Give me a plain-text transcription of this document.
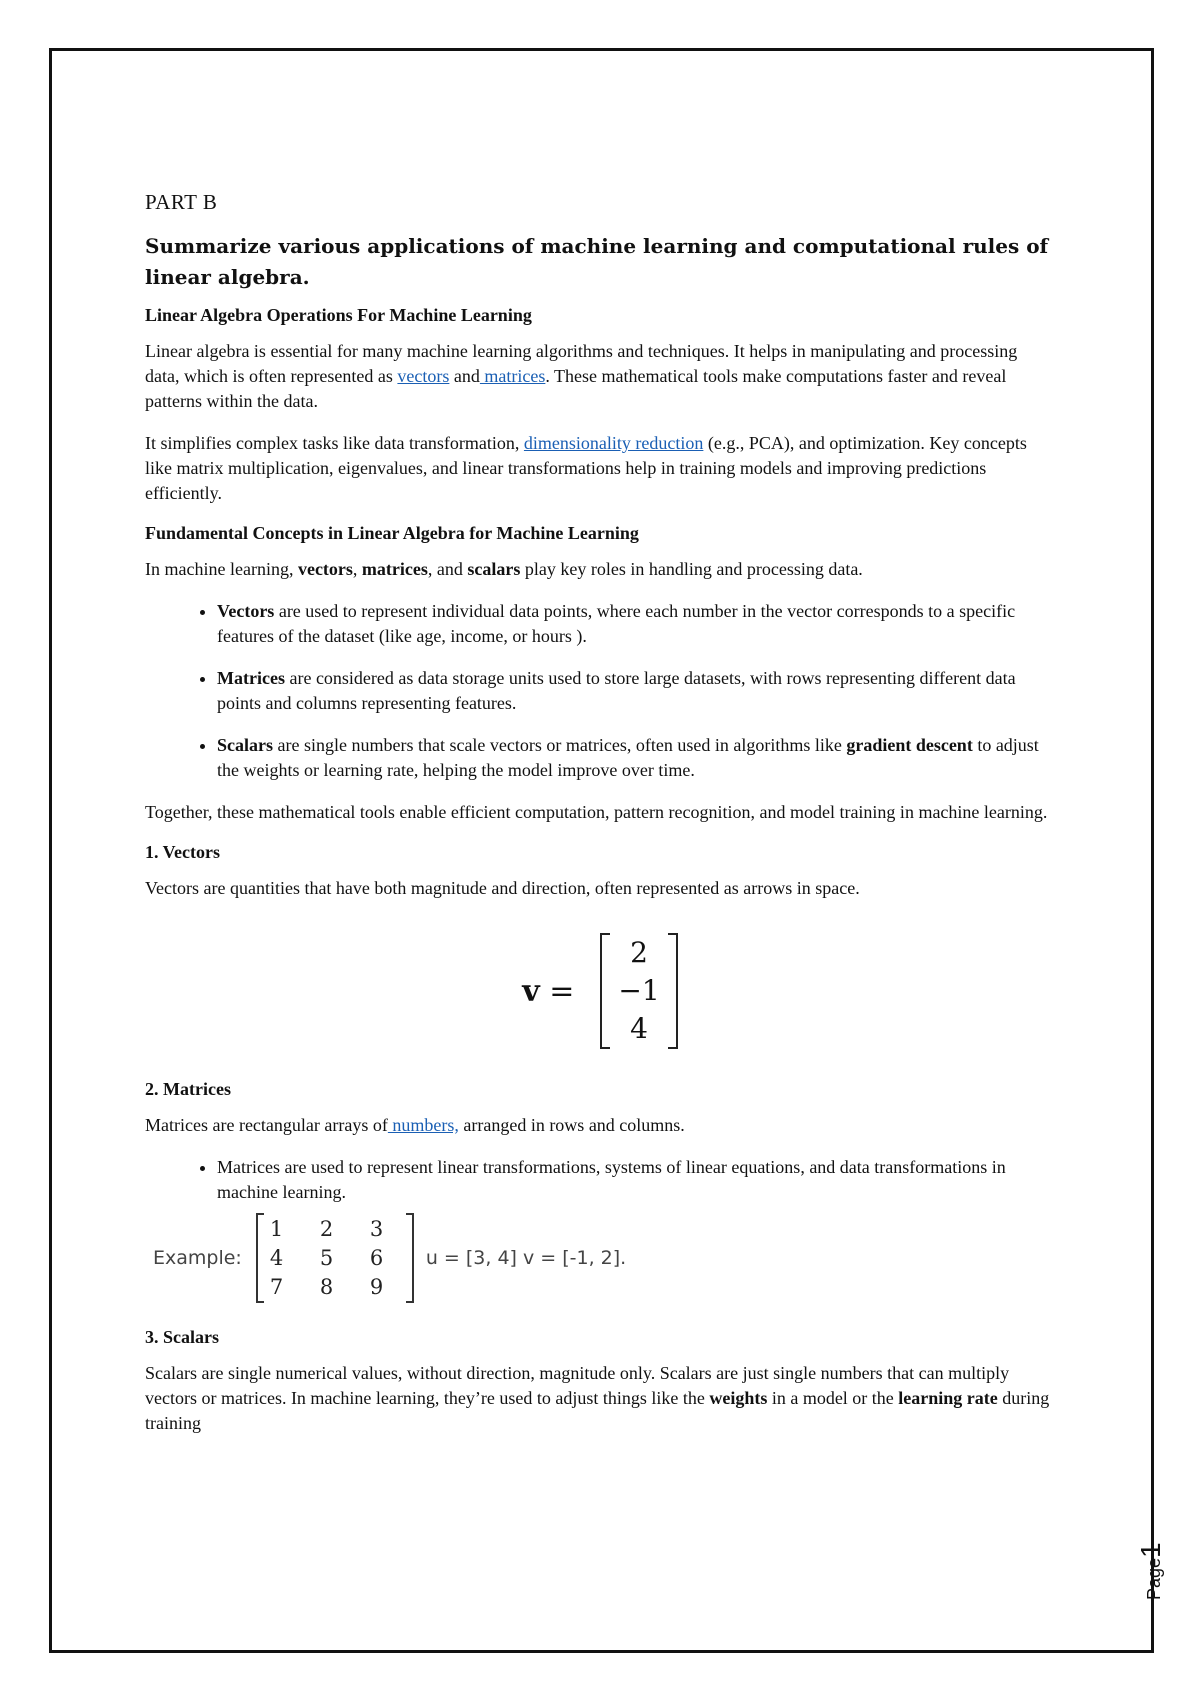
PART B
Summarize various applications of machine learning and computational rules of linear algebra.
Linear Algebra Operations For Machine Learning

Linear algebra is essential for many machine learning algorithms and techniques. It helps in manipulating and processing data, which is often represented as vectors and matrices. These mathematical tools make computations faster and reveal patterns within the data.

It simplifies complex tasks like data transformation, dimensionality reduction (e.g., PCA), and optimization. Key concepts like matrix multiplication, eigenvalues, and linear transformations help in training models and improving predictions efficiently.

Fundamental Concepts in Linear Algebra for Machine Learning

In machine learning, vectors, matrices, and scalars play key roles in handling and processing data.

• Vectors are used to represent individual data points, where each number in the vector corresponds to a specific features of the dataset (like age, income, or hours ).
• Matrices are considered as data storage units used to store large datasets, with rows representing different data points and columns representing features.
• Scalars are single numbers that scale vectors or matrices, often used in algorithms like gradient descent to adjust the weights or learning rate, helping the model improve over time.

Together, these mathematical tools enable efficient computation, pattern recognition, and model training in machine learning.

1. Vectors

Vectors are quantities that have both magnitude and direction, often represented as arrows in space.

v =
2
−1
4
2. Matrices

Matrices are rectangular arrays of numbers, arranged in rows and columns.

• Matrices are used to represent linear transformations, systems of linear equations, and data transformations in machine learning.
Example:
1	2	3
4	5	6
7	8	9
u = [3, 4] v = [-1, 2].
3. Scalars

Scalars are single numerical values, without direction, magnitude only. Scalars are just single numbers that can multiply vectors or matrices. In machine learning, they’re used to adjust things like the weights in a model or the learning rate during training

Page1
